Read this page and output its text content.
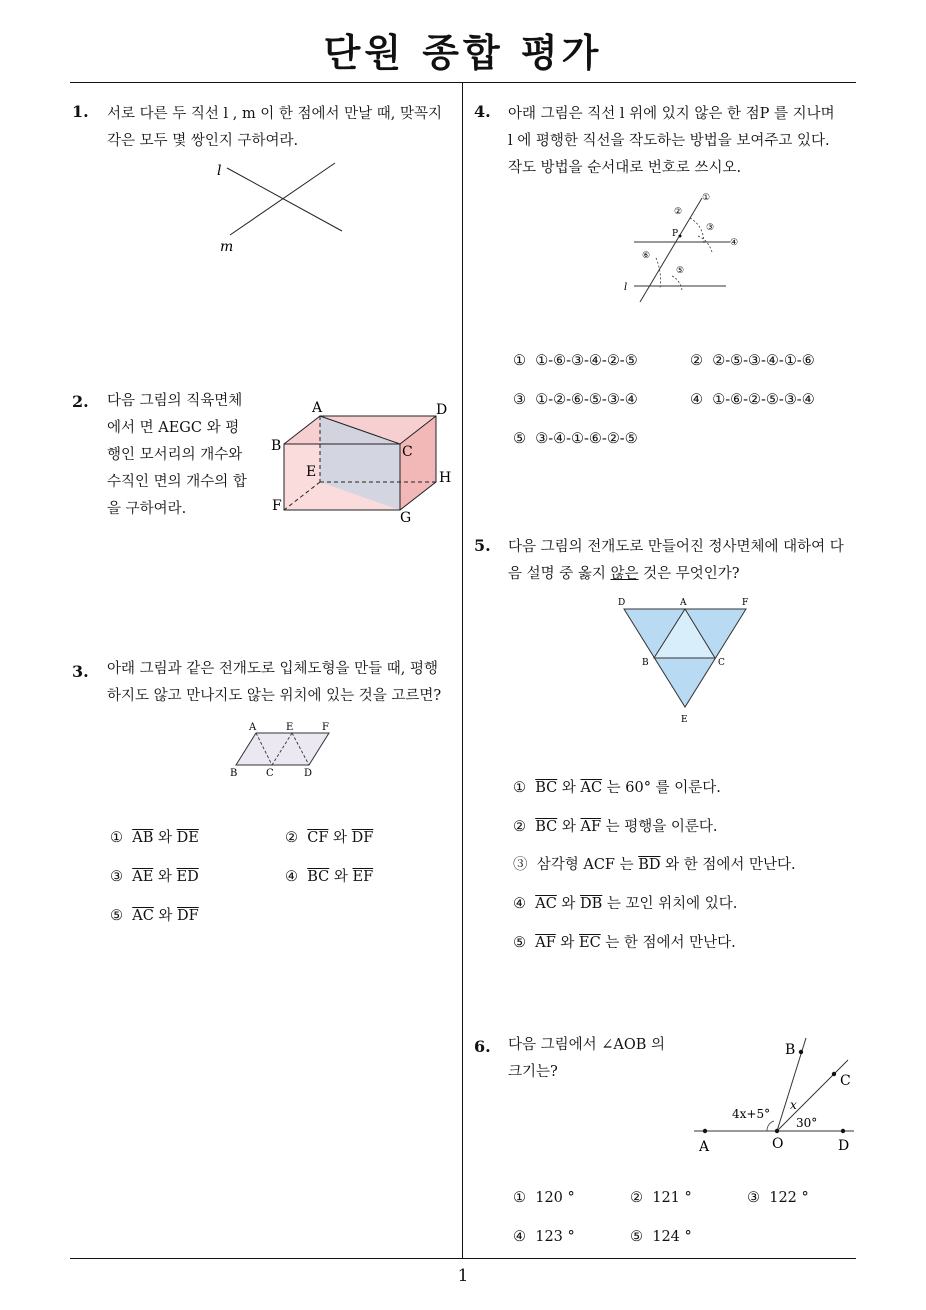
단원 종합 평가
1
1. 서로 다른 두 직선 l , m 이 한 점에서 만날 때, 맞꼭지
각은 모두 몇 쌍인지 구하여라.
l
m
2. 다음 그림의 직육면체
에서 면 AEGC 와 평
행인 모서리의 개수와
수직인 면의 개수의 합
을 구하여라.
A	D
B	C
E	H
F
G
3. 아래 그림과 같은 전개도로 입체도형을 만들 때, 평행
하지도 않고 만나지도 않는 위치에 있는 것을 고르면?
A	E	F
B	C	D
① $\overline{AB}$ 와 $\overline{DE}$	② $\overline{CF}$ 와 $\overline{DF}$
③ $\overline{AE}$ 와 $\overline{ED}$	④ $\overline{BC}$ 와 $\overline{EF}$
⑤ $\overline{AC}$ 와 $\overline{DF}$
4. 아래 그림은 직선 l 위에 있지 않은 한 점P 를 지나며
l 에 평행한 직선을 작도하는 방법을 보여주고 있다.
작도 방법을 순서대로 번호로 쓰시오.
P
①
②
③
④
⑤
⑥
l
① ①-⑥-③-④-②-⑤	② ②-⑤-③-④-①-⑥
③ ①-②-⑥-⑤-③-④	④ ①-⑥-②-⑤-③-④
⑤ ③-④-①-⑥-②-⑤
5. 다음 그림의 전개도로 만들어진 정사면체에 대하여 다
음 설명 중 옳지 않은 것은 무엇인가?
D	A	F
B	C
E
① $\overline{BC}$ 와 $\overline{AC}$ 는 60° 를 이룬다.
② $\overline{BC}$ 와 $\overline{AF}$ 는 평행을 이룬다.
③ 삼각형 ACF 는 $\overline{BD}$ 와 한 점에서 만난다.
④ $\overline{AC}$ 와 $\overline{DB}$ 는 꼬인 위치에 있다.
⑤ $\overline{AF}$ 와 $\overline{EC}$ 는 한 점에서 만난다.
6. 다음 그림에서 ∠AOB 의
크기는?
A	O	D
B
C
4x+5°
x
30°
① 120 °	② 121 °	③ 122 °
④ 123 °	⑤ 124 °
